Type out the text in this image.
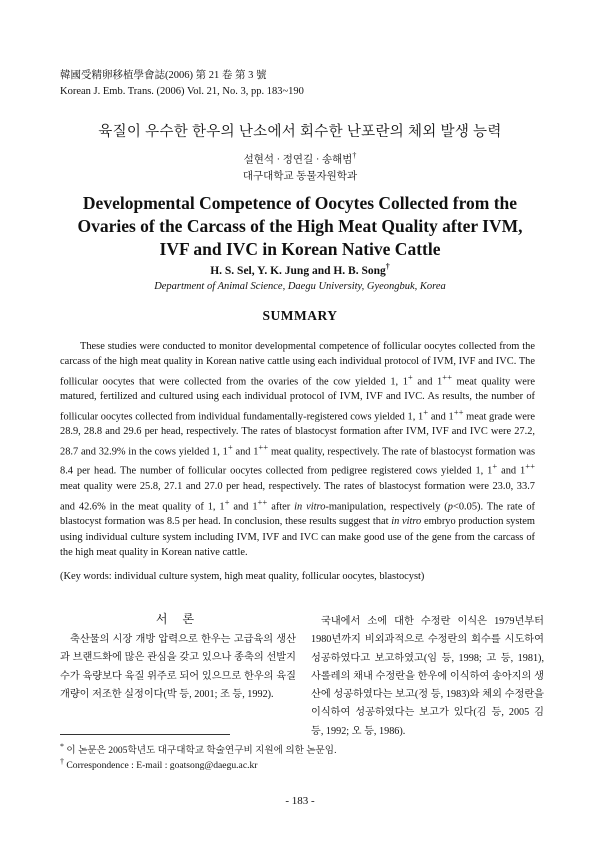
韓國受精卵移植學會誌(2006) 第 21 卷 第 3 號
Korean J. Emb. Trans. (2006) Vol. 21, No. 3, pp. 183~190
육질이 우수한 한우의 난소에서 회수한 난포란의 체외 발생 능력
설현석 · 정연길 · 송해범†
대구대학교 동물자원학과
Developmental Competence of Oocytes Collected from the
Ovaries of the Carcass of the High Meat Quality after IVM,
IVF and IVC in Korean Native Cattle
H. S. Sel, Y. K. Jung and H. B. Song†
Department of Animal Science, Daegu University, Gyeongbuk, Korea
SUMMARY

These studies were conducted to monitor developmental competence of follicular oocytes collected from the carcass of the high meat quality in Korean native cattle using each individual protocol of IVM, IVF and IVC. The follicular oocytes that were collected from the ovaries of the cow yielded 1, 1+ and 1++ meat quality were matured, fertilized and cultured using each individual protocol of IVM, IVF and IVC. As results, the number of follicular oocytes collected from individual fundamentally-registered cows yielded 1, 1+ and 1++ meat grade were 28.9, 28.8 and 29.6 per head, respectively. The rates of blastocyst formation after IVM, IVF and IVC were 27.2, 28.7 and 32.9% in the cows yielded 1, 1+ and 1++ meat quality, respectively. The rate of blastocyst formation was 8.4 per head. The number of follicular oocytes collected from pedigree registered cows yielded 1, 1+ and 1++ meat quality were 25.8, 27.1 and 27.0 per head, respectively. The rates of blastocyst formation were 23.0, 33.7 and 42.6% in the meat quality of 1, 1+ and 1++ after in vitro-manipulation, respectively (p<0.05). The rate of blastocyst formation was 8.5 per head. In conclusion, these results suggest that in vitro embryo production system using individual culture system including IVM, IVF and IVC can make good use of the gene from the carcass of the high meat quality in Korean native cattle.

(Key words: individual culture system, high meat quality, follicular oocytes, blastocyst)
서 론

축산물의 시장 개방 압력으로 한우는 고급육의 생산과 브랜드화에 많은 관심을 갖고 있으나 종축의 선발지수가 육량보다 육질 위주로 되어 있으므로 한우의 육질 개량이 저조한 실정이다(박 등, 2001; 조 등, 1992).

국내에서 소에 대한 수정란 이식은 1979년부터 1980년까지 비외과적으로 수정란의 회수를 시도하여 성공하였다고 보고하였고(임 등, 1998; 고 등, 1981), 사롤레의 채내 수정란을 한우에 이식하여 송아지의 생산에 성공하였다는 보고(정 등, 1983)와 체외 수정란을 이식하여 성공하였다는 보고가 있다(김 등, 2005 김 등, 1992; 오 등, 1986).

* 이 논문은 2005학년도 대구대학교 학술연구비 지원에 의한 논문임.
† Correspondence : E-mail : goatsong@daegu.ac.kr
- 183 -
